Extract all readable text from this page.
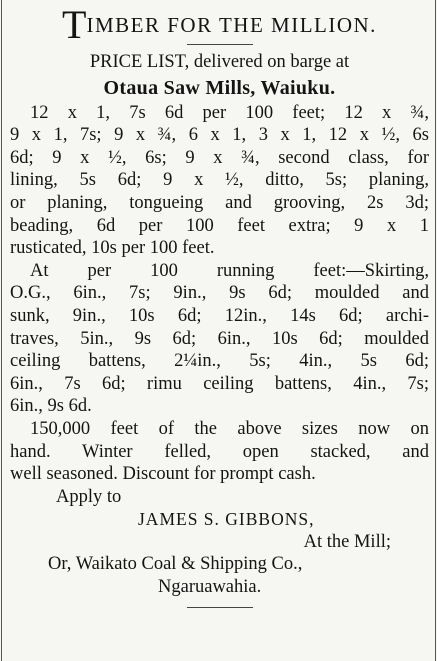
TIMBER FOR THE MILLION.
PRICE LIST, delivered on barge at
Otaua Saw Mills, Waiuku.
12 x 1, 7s 6d per 100 feet; 12 x ¾,
9 x 1, 7s; 9 x ¾, 6 x 1, 3 x 1, 12 x ½, 6s
6d; 9 x ½, 6s; 9 x ¾, second class, for
lining, 5s 6d; 9 x ½, ditto, 5s; planing,
or planing, tongueing and grooving, 2s 3d;
beading, 6d per 100 feet extra; 9 x 1
rusticated, 10s per 100 feet.
At per 100 running feet:—Skirting,
O.G., 6in., 7s; 9in., 9s 6d; moulded and
sunk, 9in., 10s 6d; 12in., 14s 6d; archi-
traves, 5in., 9s 6d; 6in., 10s 6d; moulded
ceiling battens, 2¼in., 5s; 4in., 5s 6d;
6in., 7s 6d; rimu ceiling battens, 4in., 7s;
6in., 9s 6d.
150,000 feet of the above sizes now on
hand. Winter felled, open stacked, and
well seasoned. Discount for prompt cash.
Apply to
JAMES S. GIBBONS,
At the Mill;
Or, Waikato Coal & Shipping Co.,
Ngaruawahia.
